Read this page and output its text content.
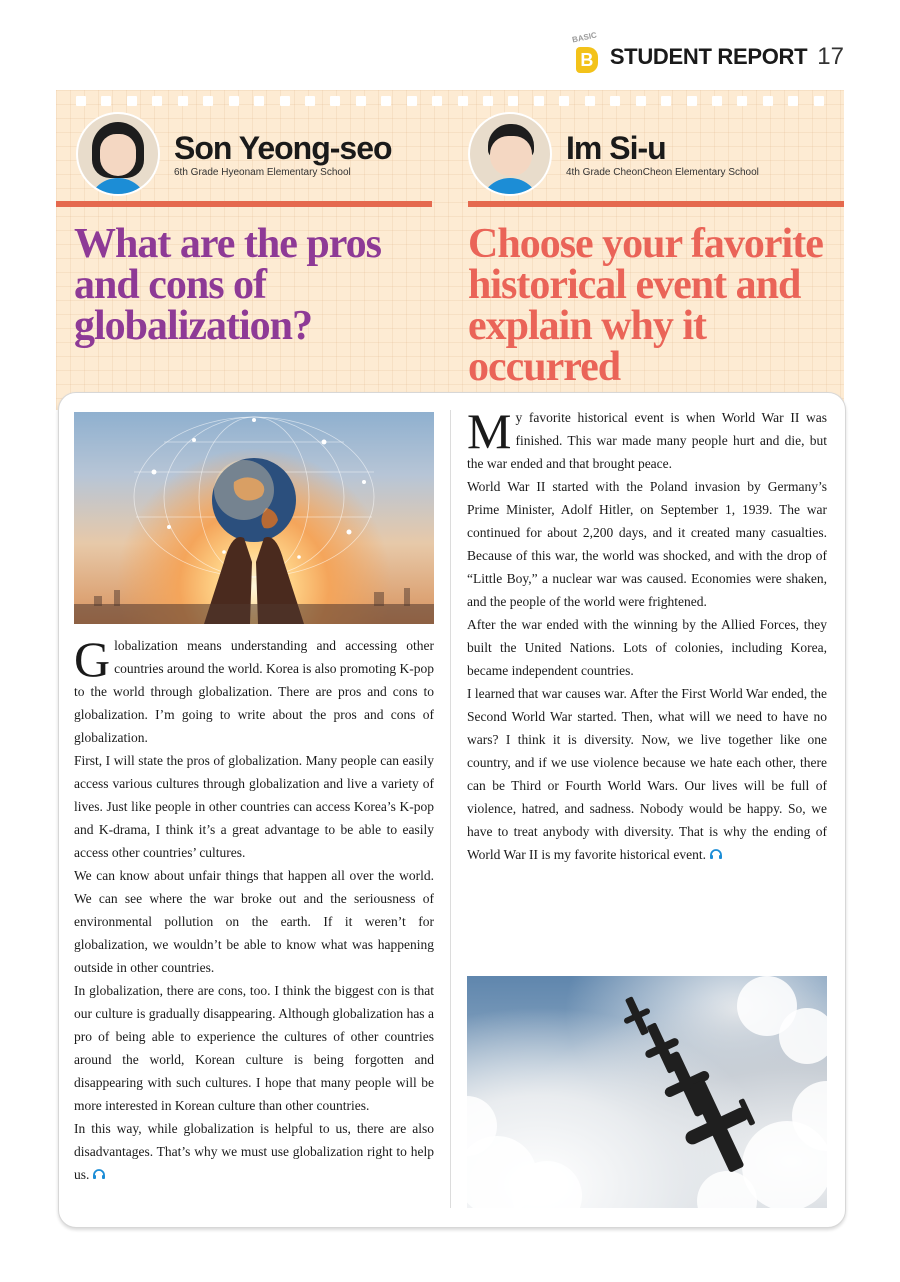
BASIC
B STUDENT REPORT 17
Son Yeong-seo
6th Grade Hyeonam Elementary School
Im Si-u
4th Grade CheonCheon Elementary School
What are the pros and cons of globalization?
Choose your favorite historical event and explain why it occurred

Globalization means understanding and accessing other countries around the world. Korea is also promoting K-pop to the world through globalization. There are pros and cons to globalization. I’m going to write about the pros and cons of globalization.

First, I will state the pros of globalization. Many people can easily access various cultures through globalization and live a variety of lives. Just like people in other countries can access Korea’s K-pop and K-drama, I think it’s a great advantage to be able to easily access other countries’ cultures.

We can know about unfair things that happen all over the world. We can see where the war broke out and the seriousness of environmental pollution on the earth. If it weren’t for globalization, we wouldn’t be able to know what was happening outside in other countries.

In globalization, there are cons, too. I think the biggest con is that our culture is gradually disappearing. Although globalization has a pro of being able to experience the cultures of other countries around the world, Korean culture is being forgotten and disappearing with such cultures. I hope that many people will be more interested in Korean culture than other countries.

In this way, while globalization is helpful to us, there are also disadvantages. That’s why we must use globalization right to help us.

My favorite historical event is when World War II was finished. This war made many people hurt and die, but the war ended and that brought peace.

World War II started with the Poland invasion by Germany’s Prime Minister, Adolf Hitler, on September 1, 1939. The war continued for about 2,200 days, and it created many casualties. Because of this war, the world was shocked, and with the drop of “Little Boy,” a nuclear war was caused. Economies were shaken, and the people of the world were frightened.

After the war ended with the winning by the Allied Forces, they built the United Nations. Lots of colonies, including Korea, became independent countries.

I learned that war causes war. After the First World War ended, the Second World War started. Then, what will we need to have no wars? I think it is diversity. Now, we live together like one country, and if we use violence because we hate each other, there can be Third or Fourth World Wars. Our lives will be full of violence, hatred, and sadness. Nobody would be happy. So, we have to treat anybody with diversity. That is why the ending of World War II is my favorite historical event.
